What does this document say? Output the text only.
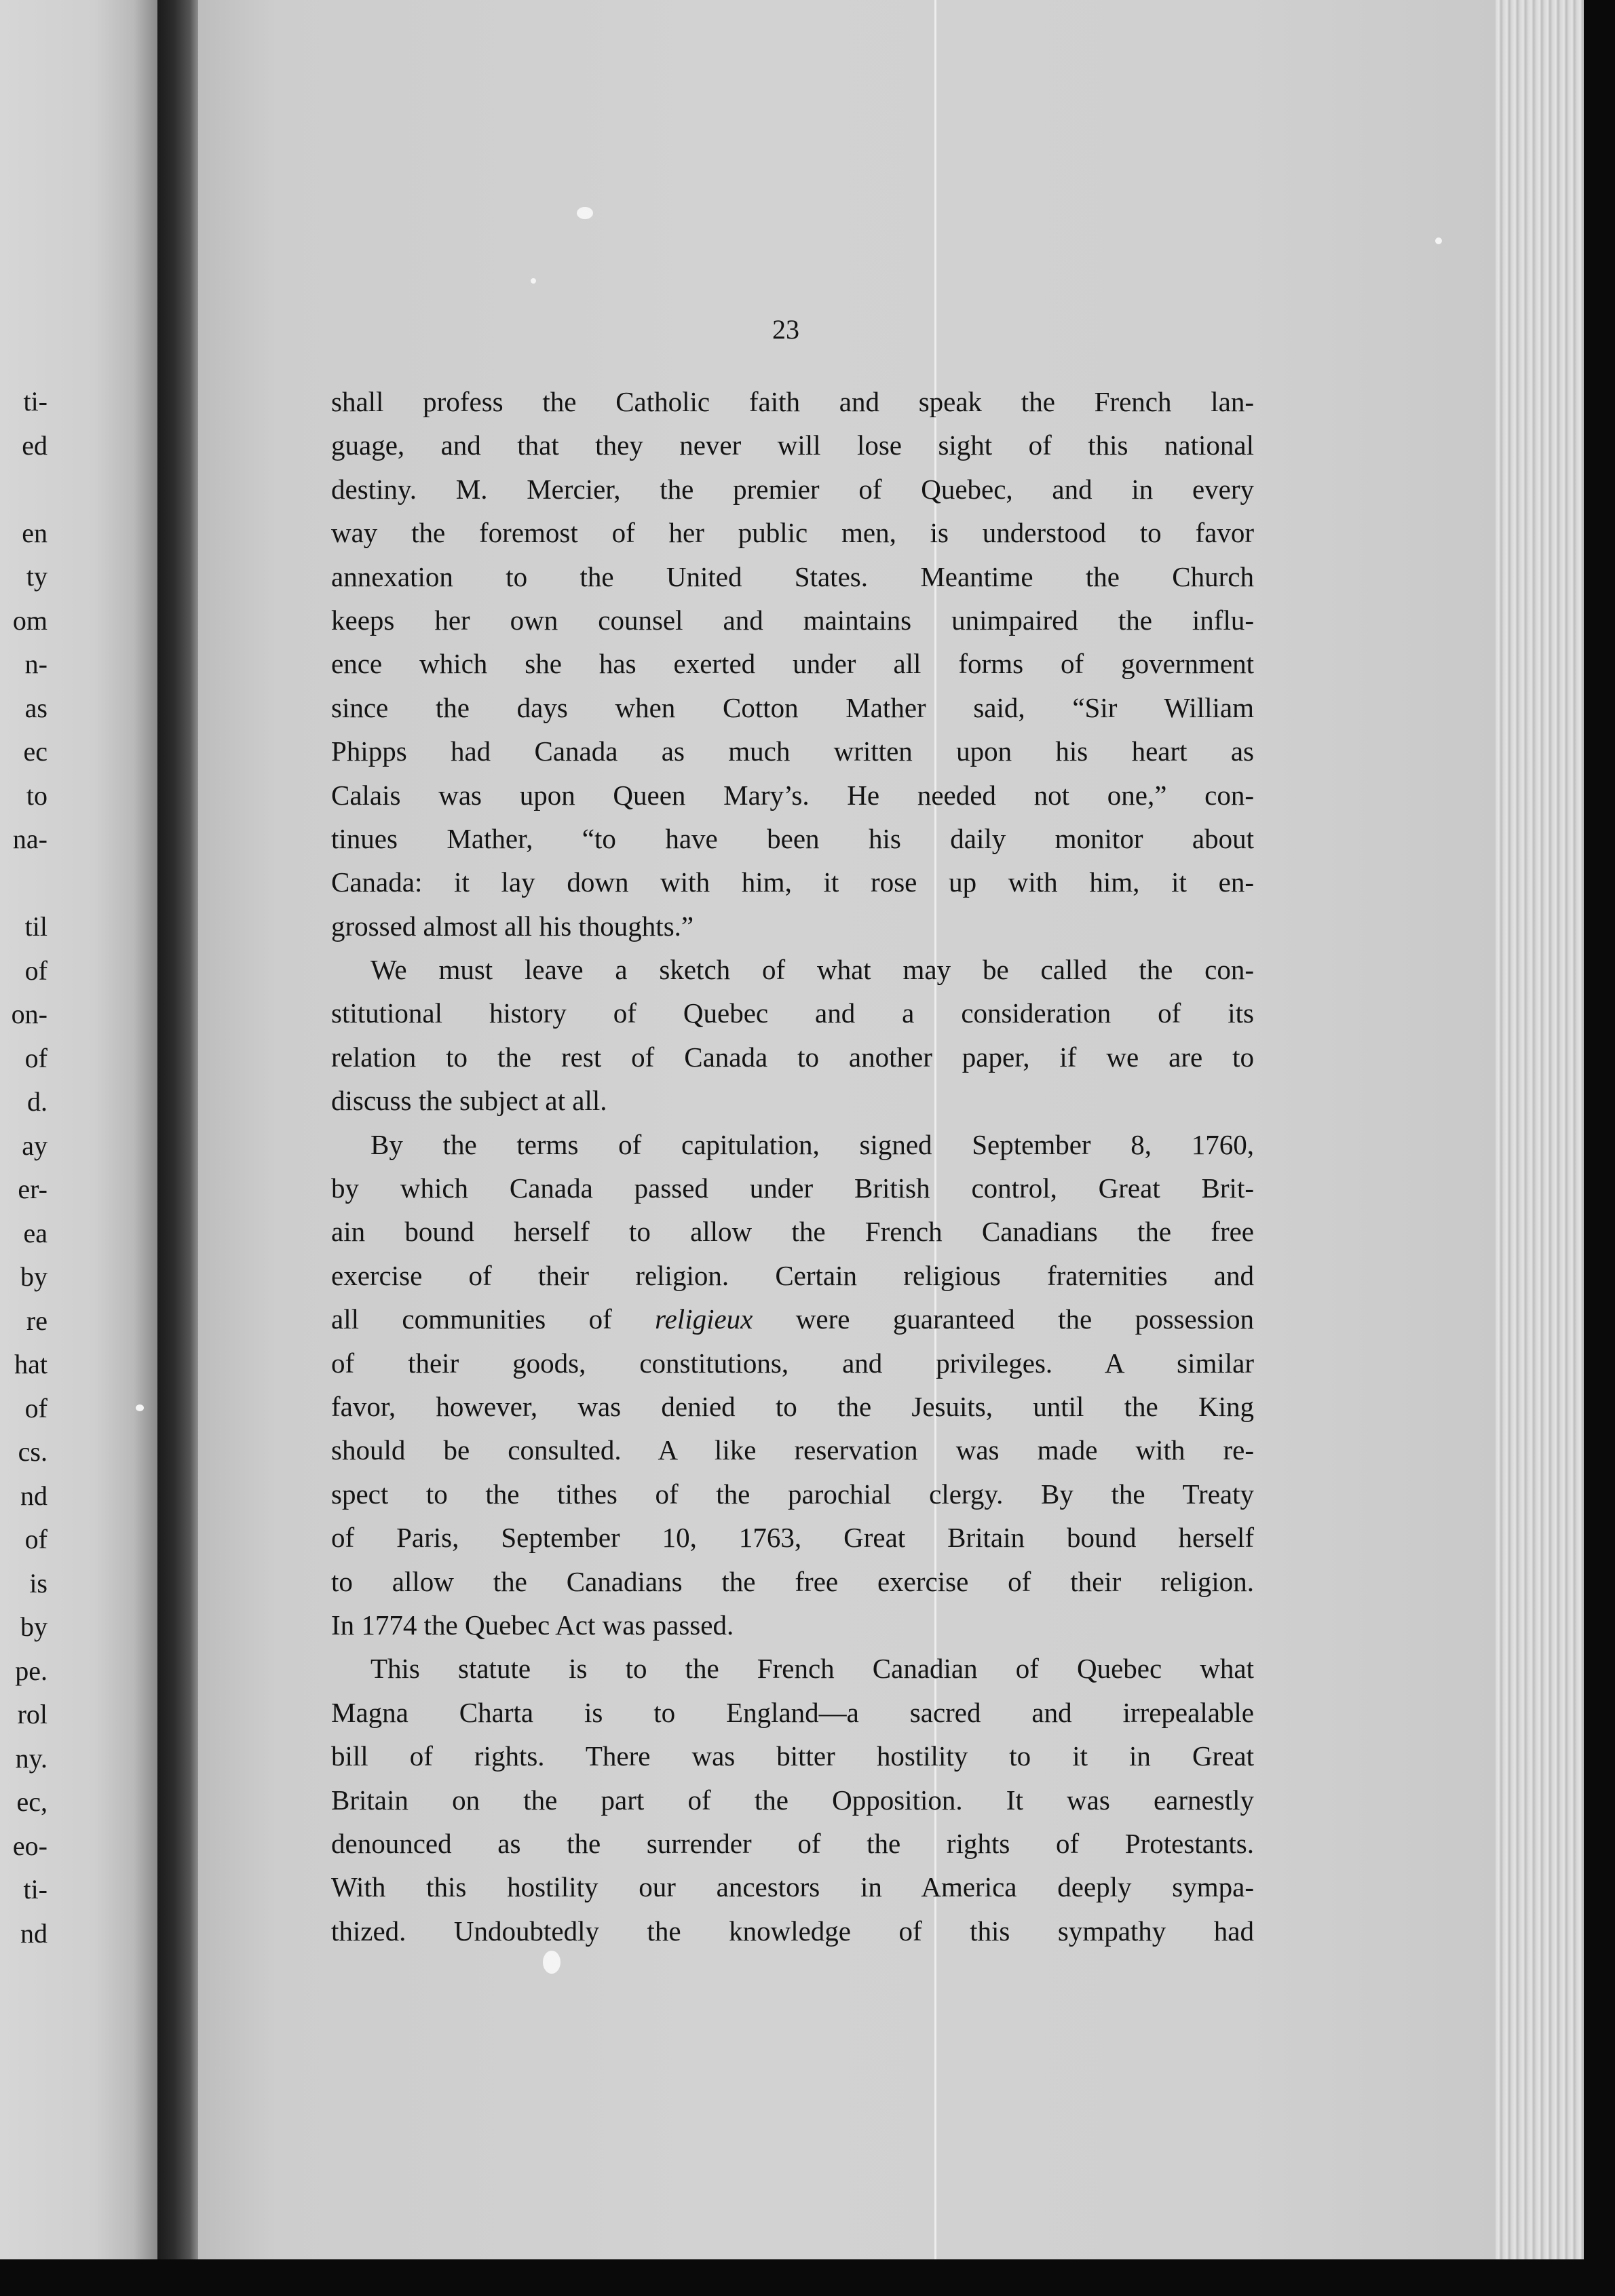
ti-
ed
en
ty
om
n-
as
ec
to
na-
til
of
on-
of
d.
ay
er-
ea
by
re
hat
of
cs.
nd
of
is
by
pe.
rol
ny.
ec,
eo-
ti-
nd
23
shall profess the Catholic faith and speak the French lan-
guage, and that they never will lose sight of this national
destiny. M. Mercier, the premier of Quebec, and in every
way the foremost of her public men, is understood to favor
annexation to the United States. Meantime the Church
keeps her own counsel and maintains unimpaired the influ-
ence which she has exerted under all forms of government
since the days when Cotton Mather said, “Sir William
Phipps had Canada as much written upon his heart as
Calais was upon Queen Mary’s. He needed not one,” con-
tinues Mather, “to have been his daily monitor about
Canada: it lay down with him, it rose up with him, it en-
grossed almost all his thoughts.”
We must leave a sketch of what may be called the con-
stitutional history of Quebec and a consideration of its
relation to the rest of Canada to another paper, if we are to
discuss the subject at all.
By the terms of capitulation, signed September 8, 1760,
by which Canada passed under British control, Great Brit-
ain bound herself to allow the French Canadians the free
exercise of their religion. Certain religious fraternities and
all communities of religieux were guaranteed the possession
of their goods, constitutions, and privileges. A similar
favor, however, was denied to the Jesuits, until the King
should be consulted. A like reservation was made with re-
spect to the tithes of the parochial clergy. By the Treaty
of Paris, September 10, 1763, Great Britain bound herself
to allow the Canadians the free exercise of their religion.
In 1774 the Quebec Act was passed.
This statute is to the French Canadian of Quebec what
Magna Charta is to England—a sacred and irrepealable
bill of rights. There was bitter hostility to it in Great
Britain on the part of the Opposition. It was earnestly
denounced as the surrender of the rights of Protestants.
With this hostility our ancestors in America deeply sympa-
thized. Undoubtedly the knowledge of this sympathy had
